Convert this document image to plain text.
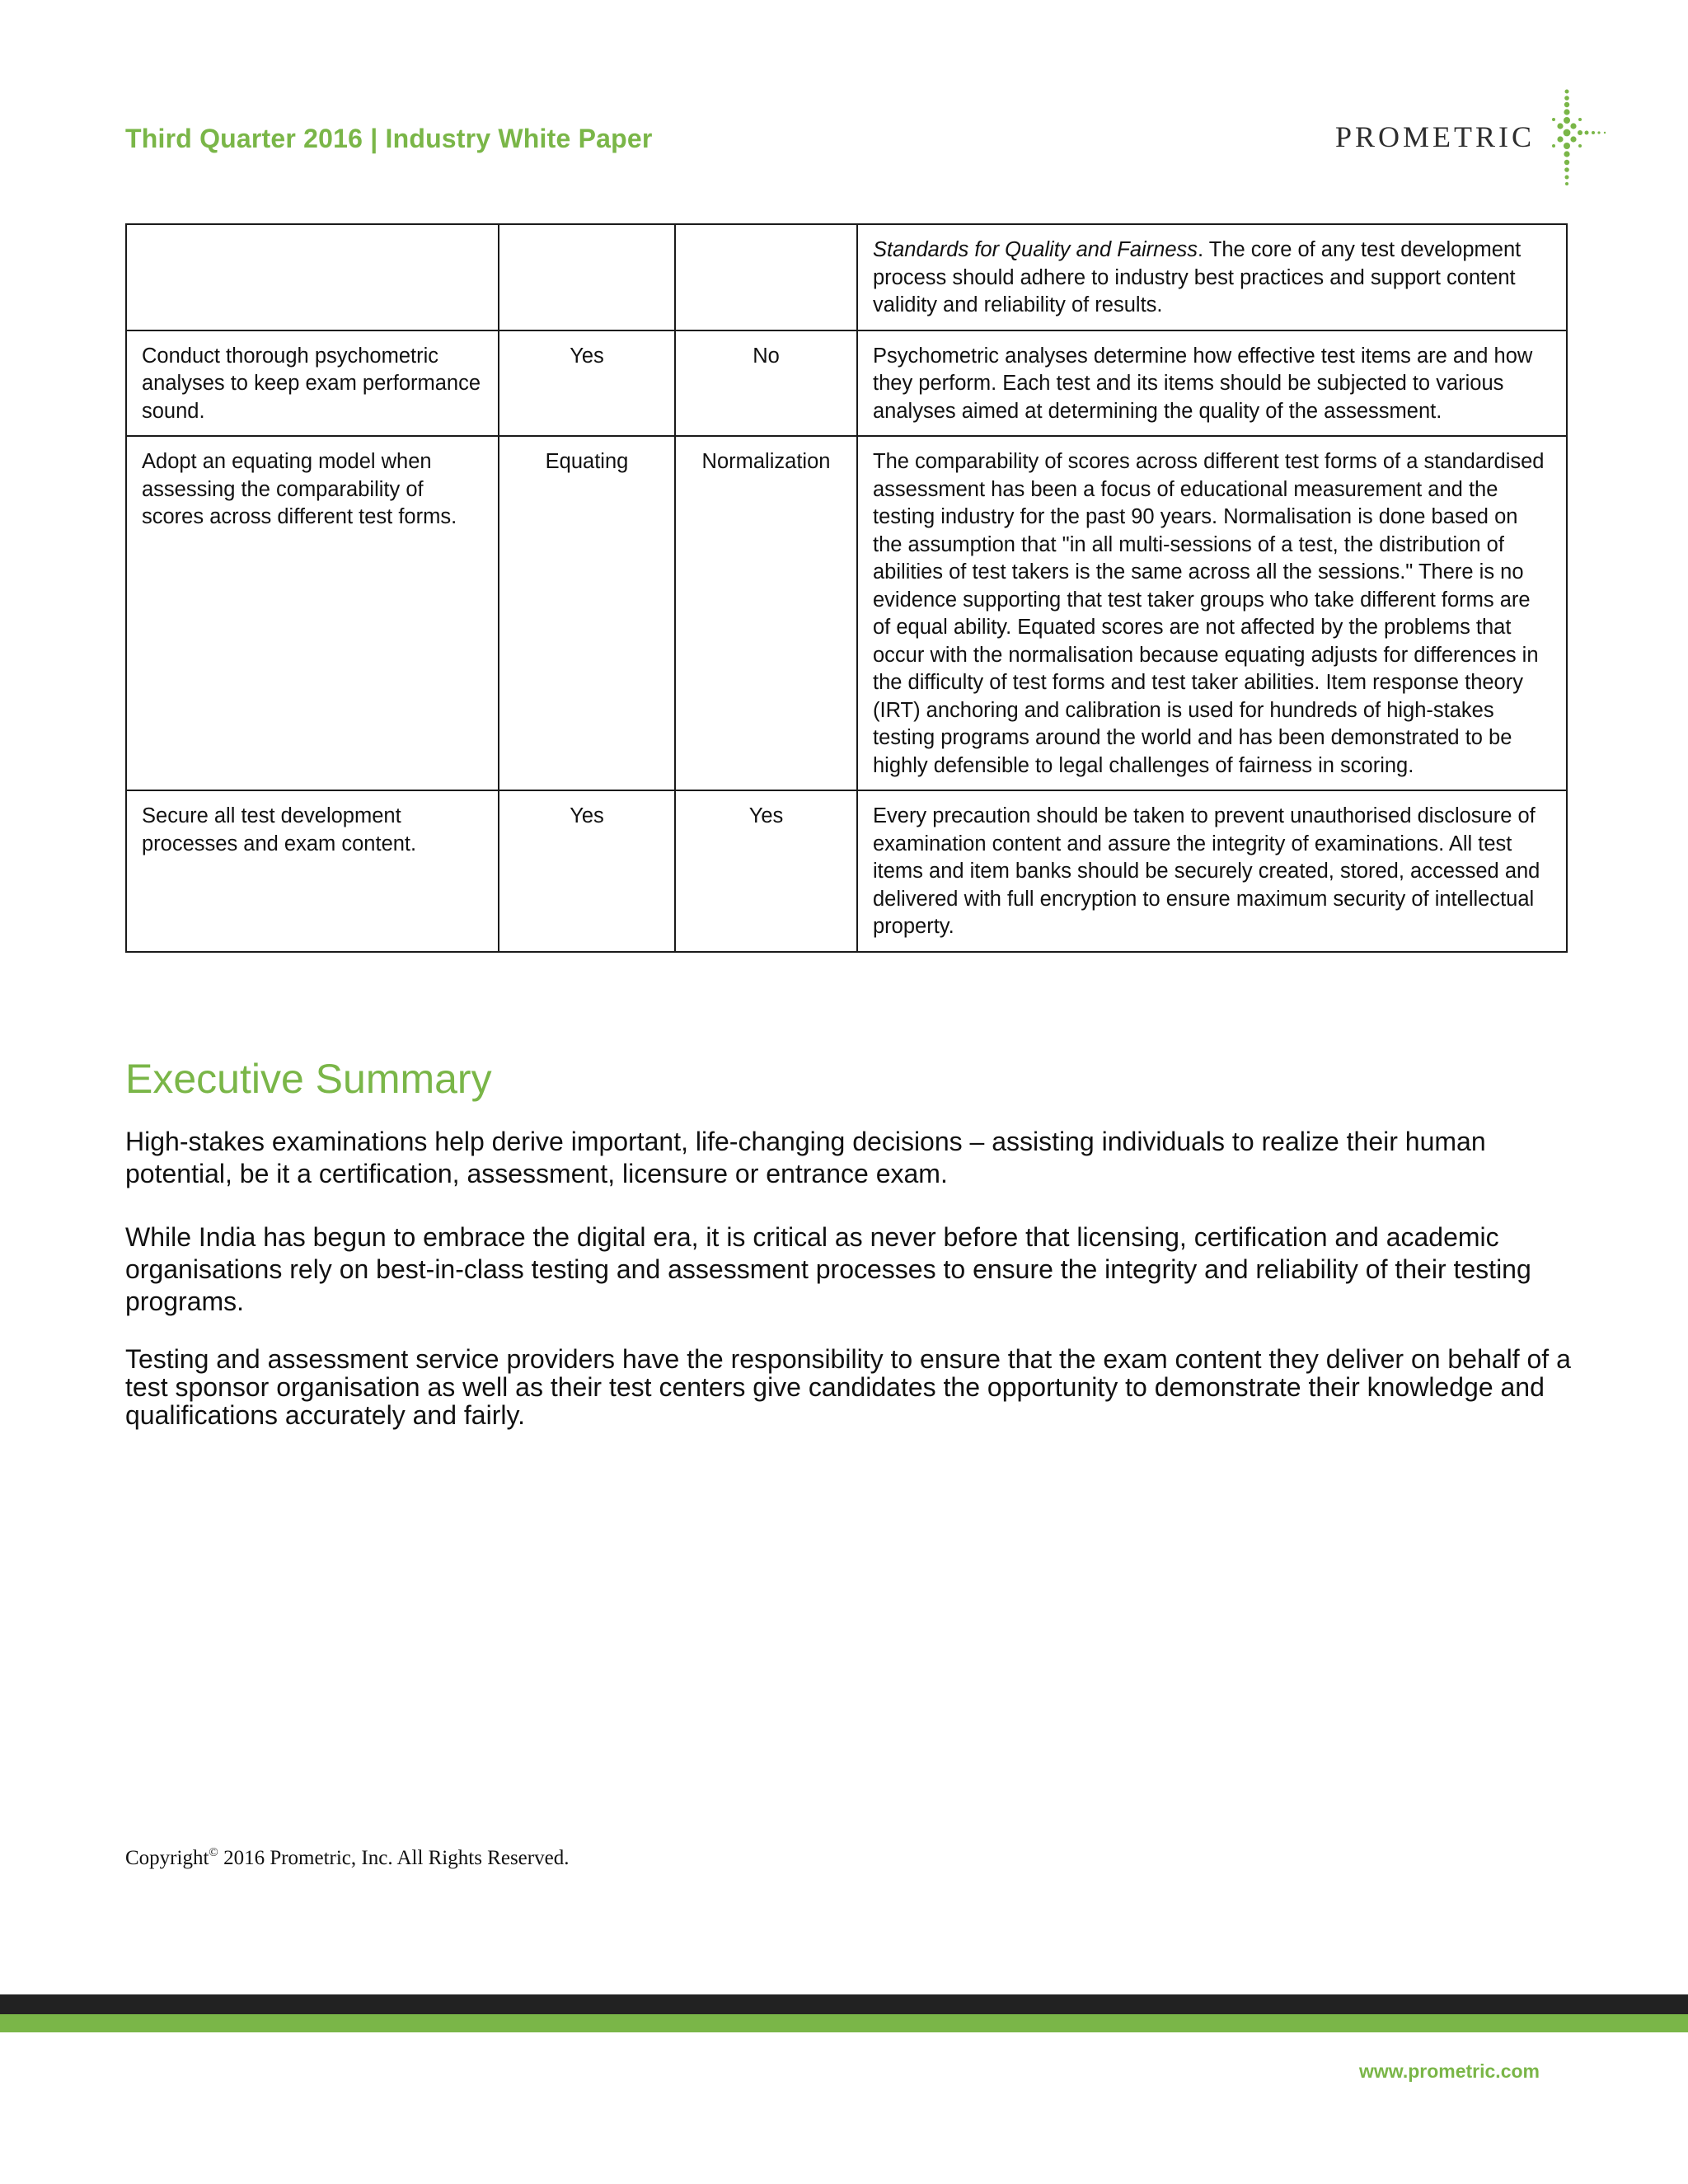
Third Quarter 2016 | Industry White Paper	PROMETRIC
			Standards for Quality and Fairness. The core of any test development process should adhere to industry best practices and support content validity and reliability of results.
Conduct thorough psychometric analyses to keep exam performance sound.	Yes	No	Psychometric analyses determine how effective test items are and how they perform. Each test and its items should be subjected to various analyses aimed at determining the quality of the assessment.
Adopt an equating model when assessing the comparability of scores across different test forms.	Equating	Normalization	The comparability of scores across different test forms of a standardised assessment has been a focus of educational measurement and the testing industry for the past 90 years. Normalisation is done based on the assumption that "in all multi-sessions of a test, the distribution of abilities of test takers is the same across all the sessions." There is no evidence supporting that test taker groups who take different forms are of equal ability. Equated scores are not affected by the problems that occur with the normalisation because equating adjusts for differences in the difficulty of test forms and test taker abilities. Item response theory (IRT) anchoring and calibration is used for hundreds of high-stakes testing programs around the world and has been demonstrated to be highly defensible to legal challenges of fairness in scoring.
Secure all test development processes and exam content.	Yes	Yes	Every precaution should be taken to prevent unauthorised disclosure of examination content and assure the integrity of examinations. All test items and item banks should be securely created, stored, accessed and delivered with full encryption to ensure maximum security of intellectual property.
Executive Summary

High-stakes examinations help derive important, life-changing decisions – assisting individuals to realize their human potential, be it a certification, assessment, licensure or entrance exam.

While India has begun to embrace the digital era, it is critical as never before that licensing, certification and academic organisations rely on best-in-class testing and assessment processes to ensure the integrity and reliability of their testing programs.

Testing and assessment service providers have the responsibility to ensure that the exam content they deliver on behalf of a test sponsor organisation as well as their test centers give candidates the opportunity to demonstrate their knowledge and qualifications accurately and fairly.

Copyright© 2016 Prometric, Inc. All Rights Reserved.
www.prometric.com
